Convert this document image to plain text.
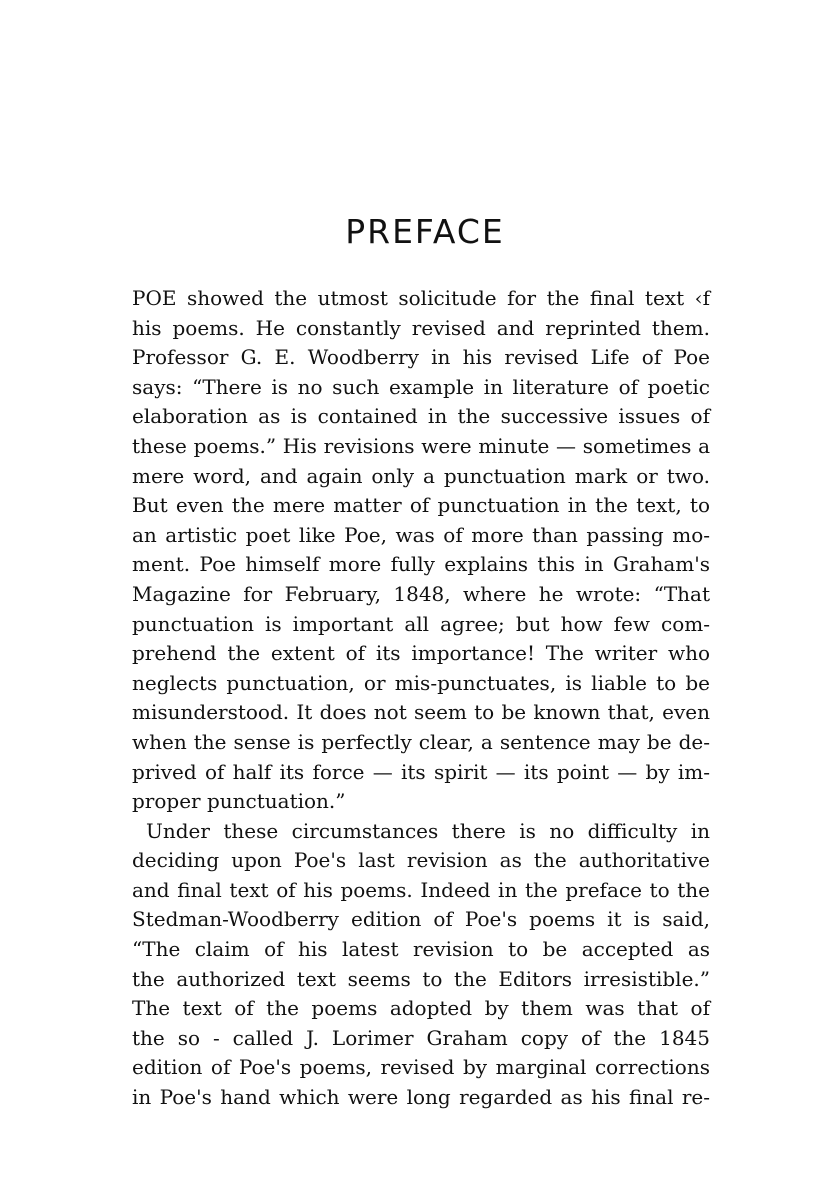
PREFACE
POE showed the utmost solicitude for the final text ‹f
his poems. He constantly revised and reprinted them.
Professor G. E. Woodberry in his revised Life of Poe
says: “There is no such example in literature of poetic
elaboration as is contained in the successive issues of
these poems.” His revisions were minute — sometimes a
mere word, and again only a punctuation mark or two.
But even the mere matter of punctuation in the text, to
an artistic poet like Poe, was of more than passing mo-
ment. Poe himself more fully explains this in Graham's
Magazine for February, 1848, where he wrote: “That
punctuation is important all agree; but how few com-
prehend the extent of its importance! The writer who
neglects punctuation, or mis-punctuates, is liable to be
misunderstood. It does not seem to be known that, even
when the sense is perfectly clear, a sentence may be de-
prived of half its force — its spirit — its point — by im-
proper punctuation.”
Under these circumstances there is no difficulty in
deciding upon Poe's last revision as the authoritative
and final text of his poems. Indeed in the preface to the
Stedman-Woodberry edition of Poe's poems it is said,
“The claim of his latest revision to be accepted as
the authorized text seems to the Editors irresistible.”
The text of the poems adopted by them was that of
the so - called J. Lorimer Graham copy of the 1845
edition of Poe's poems, revised by marginal corrections
in Poe's hand which were long regarded as his final re-
